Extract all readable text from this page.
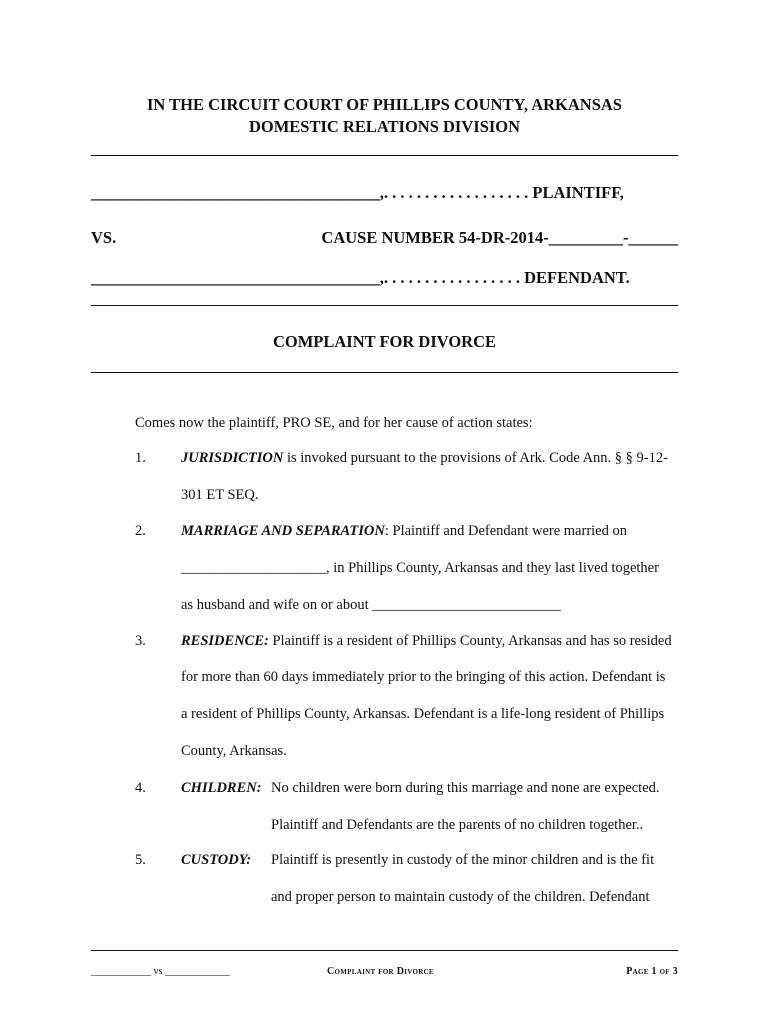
IN THE CIRCUIT COURT OF PHILLIPS COUNTY, ARKANSAS
DOMESTIC RELATIONS DIVISION
___________________________________,. . . . . . . . . . . . . . . . . . PLAINTIFF,
VS.	CAUSE NUMBER 54-DR-2014-_________-______
___________________________________,. . . . . . . . . . . . . . . . . DEFENDANT.
COMPLAINT FOR DIVORCE
Comes now the plaintiff, PRO SE, and for her cause of action states:
1. JURISDICTION is invoked pursuant to the provisions of Ark. Code Ann. § § 9-12-
301 ET SEQ.
2. MARRIAGE AND SEPARATION: Plaintiff and Defendant were married on
____________________, in Phillips County, Arkansas and they last lived together
as husband and wife on or about __________________________
3. RESIDENCE: Plaintiff is a resident of Phillips County, Arkansas and has so resided
for more than 60 days immediately prior to the bringing of this action. Defendant is
a resident of Phillips County, Arkansas. Defendant is a life-long resident of Phillips
County, Arkansas.
4. CHILDREN: No children were born during this marriage and none are expected.
Plaintiff and Defendants are the parents of no children together..
5. CUSTODY: Plaintiff is presently in custody of the minor children and is the fit
and proper person to maintain custody of the children. Defendant
____________ vs _____________	Complaint for Divorce	Page 1 of 3
